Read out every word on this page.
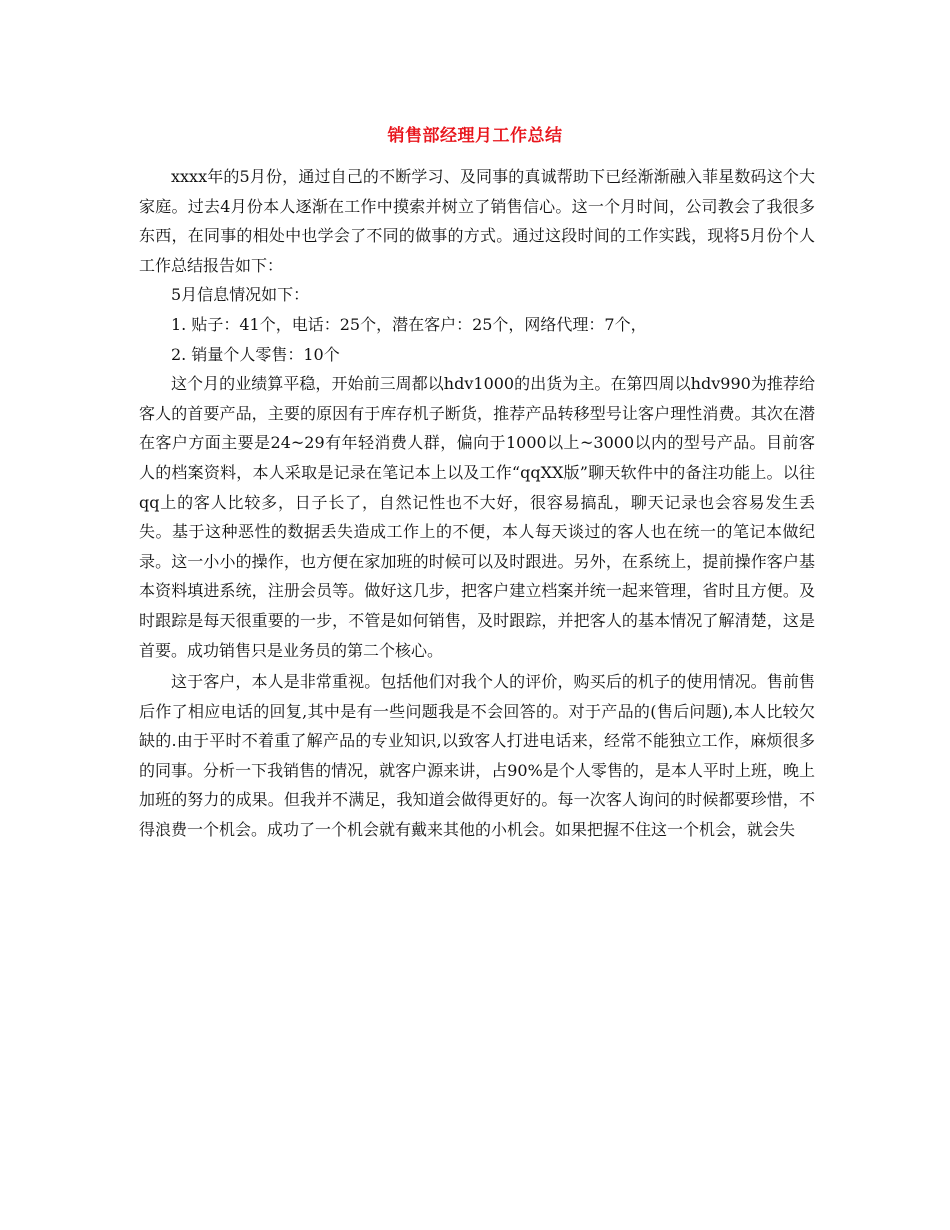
销售部经理月工作总结

xxxx年的5月份，通过自己的不断学习、及同事的真诚帮助下已经渐渐融入菲星数码这个大家庭。过去4月份本人逐渐在工作中摸索并树立了销售信心。这一个月时间，公司教会了我很多东西，在同事的相处中也学会了不同的做事的方式。通过这段时间的工作实践，现将5月份个人工作总结报告如下：

5月信息情况如下：

1. 贴子：41个，电话：25个，潜在客户：25个，网络代理：7个，

2. 销量个人零售：10个

这个月的业绩算平稳，开始前三周都以hdv1000的出货为主。在第四周以hdv990为推荐给客人的首要产品，主要的原因有于库存机子断货，推荐产品转移型号让客户理性消费。其次在潜在客户方面主要是24~29有年轻消费人群，偏向于1000以上~3000以内的型号产品。目前客人的档案资料，本人采取是记录在笔记本上以及工作“qqXX版”聊天软件中的备注功能上。以往qq上的客人比较多，日子长了，自然记性也不大好，很容易搞乱，聊天记录也会容易发生丢失。基于这种恶性的数据丢失造成工作上的不便，本人每天谈过的客人也在统一的笔记本做纪录。这一小小的操作，也方便在家加班的时候可以及时跟进。另外，在系统上，提前操作客户基本资料填进系统，注册会员等。做好这几步，把客户建立档案并统一起来管理，省时且方便。及时跟踪是每天很重要的一步，不管是如何销售，及时跟踪，并把客人的基本情况了解清楚，这是首要。成功销售只是业务员的第二个核心。

这于客户，本人是非常重视。包括他们对我个人的评价，购买后的机子的使用情况。售前售后作了相应电话的回复,其中是有一些问题我是不会回答的。对于产品的(售后问题),本人比较欠缺的.由于平时不着重了解产品的专业知识,以致客人打进电话来，经常不能独立工作，麻烦很多的同事。分析一下我销售的情况，就客户源来讲，占90%是个人零售的，是本人平时上班，晚上加班的努力的成果。但我并不满足，我知道会做得更好的。每一次客人询问的时候都要珍惜，不得浪费一个机会。成功了一个机会就有戴来其他的小机会。如果把握不住这一个机会，就会失
